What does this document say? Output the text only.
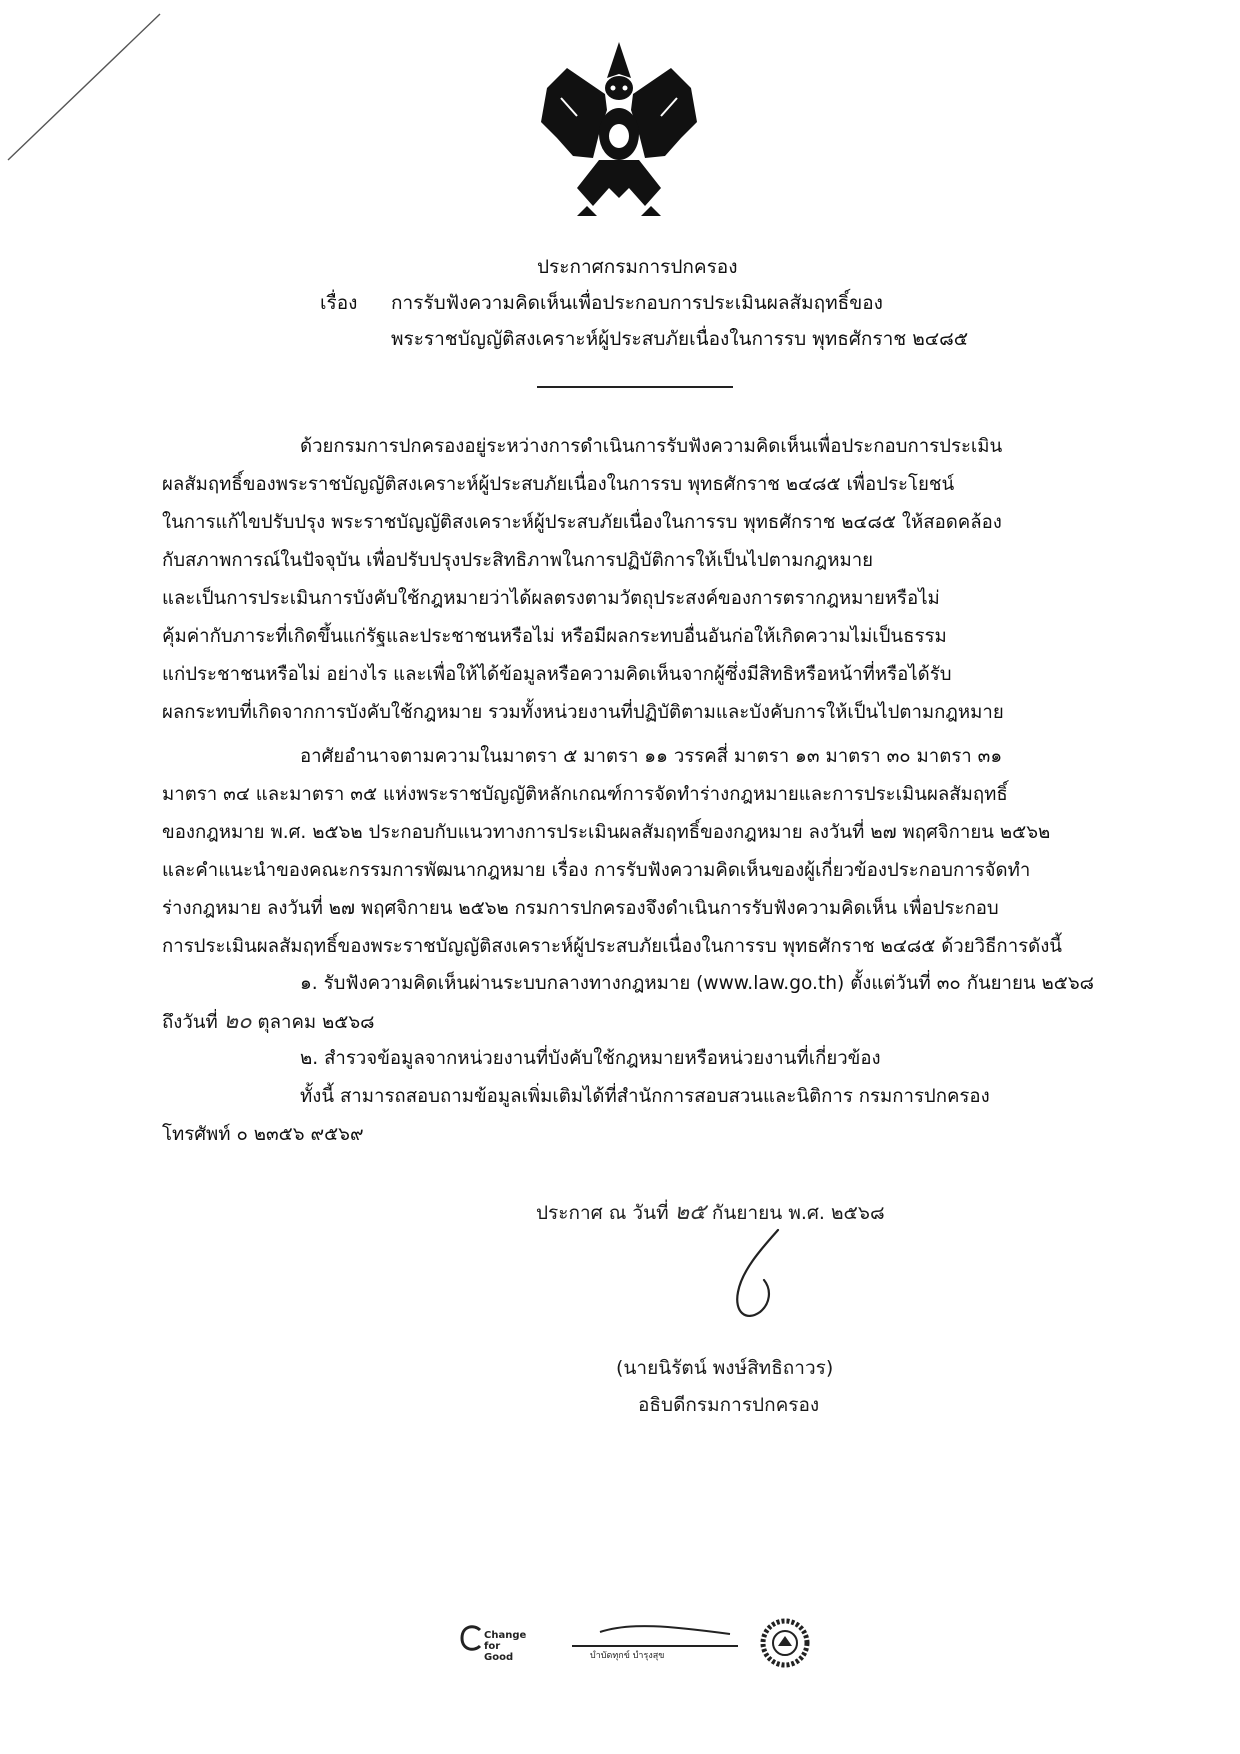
ประกาศกรมการปกครอง
เรื่อง การรับฟังความคิดเห็นเพื่อประกอบการประเมินผลสัมฤทธิ์ของ
พระราชบัญญัติสงเคราะห์ผู้ประสบภัยเนื่องในการรบ พุทธศักราช ๒๔๘๕
ด้วยกรมการปกครองอยู่ระหว่างการดำเนินการรับฟังความคิดเห็นเพื่อประกอบการประเมิน
ผลสัมฤทธิ์ของพระราชบัญญัติสงเคราะห์ผู้ประสบภัยเนื่องในการรบ พุทธศักราช ๒๔๘๕ เพื่อประโยชน์
ในการแก้ไขปรับปรุง พระราชบัญญัติสงเคราะห์ผู้ประสบภัยเนื่องในการรบ พุทธศักราช ๒๔๘๕ ให้สอดคล้อง
กับสภาพการณ์ในปัจจุบัน เพื่อปรับปรุงประสิทธิภาพในการปฏิบัติการให้เป็นไปตามกฎหมาย
และเป็นการประเมินการบังคับใช้กฎหมายว่าได้ผลตรงตามวัตถุประสงค์ของการตรากฎหมายหรือไม่
คุ้มค่ากับภาระที่เกิดขึ้นแก่รัฐและประชาชนหรือไม่ หรือมีผลกระทบอื่นอันก่อให้เกิดความไม่เป็นธรรม
แก่ประชาชนหรือไม่ อย่างไร และเพื่อให้ได้ข้อมูลหรือความคิดเห็นจากผู้ซึ่งมีสิทธิหรือหน้าที่หรือได้รับ
ผลกระทบที่เกิดจากการบังคับใช้กฎหมาย รวมทั้งหน่วยงานที่ปฏิบัติตามและบังคับการให้เป็นไปตามกฎหมาย
อาศัยอำนาจตามความในมาตรา ๕ มาตรา ๑๑ วรรคสี่ มาตรา ๑๓ มาตรา ๓๐ มาตรา ๓๑
มาตรา ๓๔ และมาตรา ๓๕ แห่งพระราชบัญญัติหลักเกณฑ์การจัดทำร่างกฎหมายและการประเมินผลสัมฤทธิ์
ของกฎหมาย พ.ศ. ๒๕๖๒ ประกอบกับแนวทางการประเมินผลสัมฤทธิ์ของกฎหมาย ลงวันที่ ๒๗ พฤศจิกายน ๒๕๖๒
และคำแนะนำของคณะกรรมการพัฒนากฎหมาย เรื่อง การรับฟังความคิดเห็นของผู้เกี่ยวข้องประกอบการจัดทำ
ร่างกฎหมาย ลงวันที่ ๒๗ พฤศจิกายน ๒๕๖๒ กรมการปกครองจึงดำเนินการรับฟังความคิดเห็น เพื่อประกอบ
การประเมินผลสัมฤทธิ์ของพระราชบัญญัติสงเคราะห์ผู้ประสบภัยเนื่องในการรบ พุทธศักราช ๒๔๘๕ ด้วยวิธีการดังนี้
๑. รับฟังความคิดเห็นผ่านระบบกลางทางกฎหมาย (www.law.go.th) ตั้งแต่วันที่ ๓๐ กันยายน ๒๕๖๘
ถึงวันที่ ๒๐ ตุลาคม ๒๕๖๘
๒. สำรวจข้อมูลจากหน่วยงานที่บังคับใช้กฎหมายหรือหน่วยงานที่เกี่ยวข้อง
ทั้งนี้ สามารถสอบถามข้อมูลเพิ่มเติมได้ที่สำนักการสอบสวนและนิติการ กรมการปกครอง
โทรศัพท์ ๐ ๒๓๕๖ ๙๕๖๙
ประกาศ ณ วันที่ ๒๕ กันยายน พ.ศ. ๒๕๖๘
(นายนิรัตน์ พงษ์สิทธิถาวร)
อธิบดีกรมการปกครอง
Change for Good	บำบัดทุกข์ บำรุงสุข
